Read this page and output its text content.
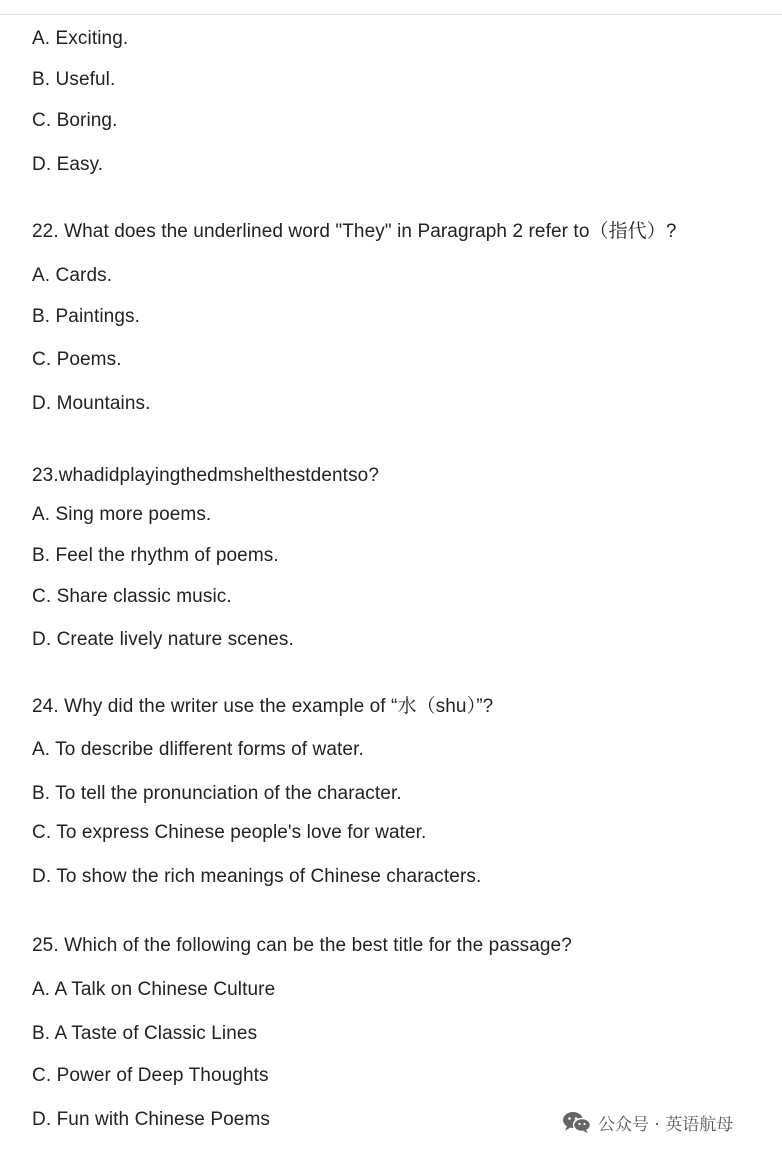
A. Exciting.
B. Useful.
C. Boring.
D. Easy.
22. What does the underlined word "They" in Paragraph 2 refer to（指代）?
A. Cards.
B. Paintings.
C. Poems.
D. Mountains.
23.whadidplayingthedmshelthestdentso?
A. Sing more poems.
B. Feel the rhythm of poems.
C. Share classic music.
D. Create lively nature scenes.
24. Why did the writer use the example of “水（shu）”?
A. To describe dlifferent forms of water.
B. To tell the pronunciation of the character.
C. To express Chinese people's love for water.
D. To show the rich meanings of Chinese characters.
25. Which of the following can be the best title for the passage?
A. A Talk on Chinese Culture
B. A Taste of Classic Lines
C. Power of Deep Thoughts
D. Fun with Chinese Poems	公众号 · 英语航母
